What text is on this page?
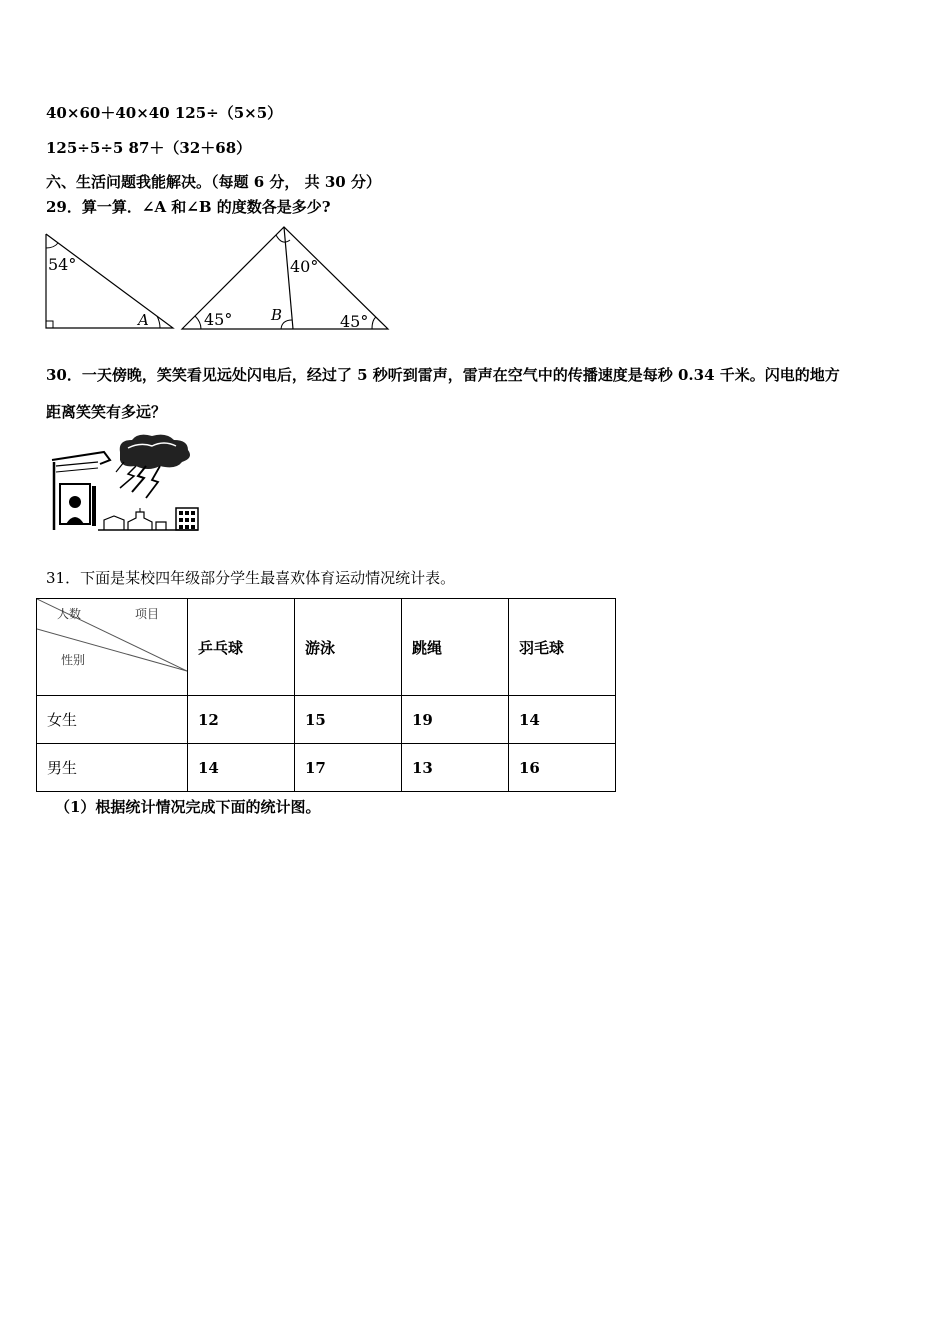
40×60＋40×40 125÷（5×5）
125÷5÷5 87＋（32＋68）
六、生活问题我能解决。（每题 6 分， 共 30 分）
29．算一算．∠A 和∠B 的度数各是多少?
54°
A
40°
45°	45°
B
30．一天傍晚，笑笑看见远处闪电后，经过了 5 秒听到雷声，雷声在空气中的传播速度是每秒 0.34 千米。闪电的地方
距离笑笑有多远？
31．下面是某校四年级部分学生最喜欢体育运动情况统计表。
人数 项目
性别	乒乓球	游泳	跳绳	羽毛球
女生	12	15	19	14
男生	14	17	13	16
（1）根据统计情况完成下面的统计图。
